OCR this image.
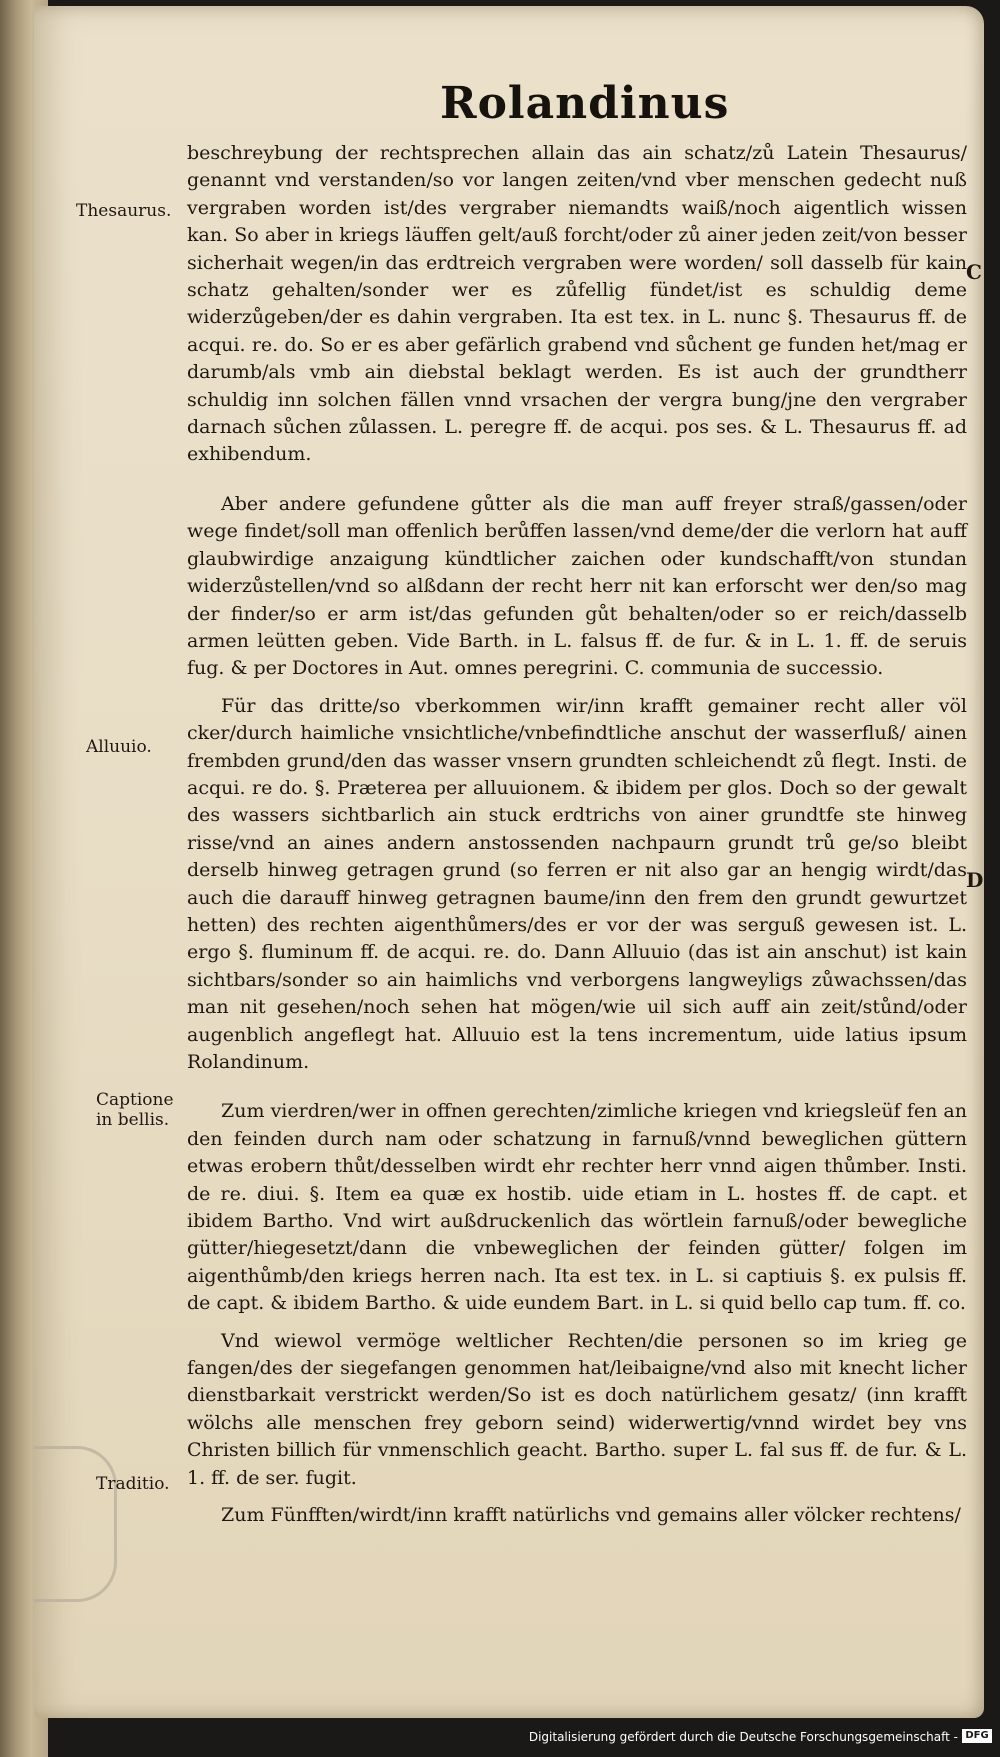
Rolandinus
Thesaurus.
Alluuio.
Captione in bellis.
Traditio.
C
D

beschreybung der rechtsprechen allain das ain schatz/zů Latein Thesaurus/ genannt vnd verstanden/so vor langen zeiten/vnd vber menschen gedecht nuß vergraben worden ist/des vergraber niemandts waiß/noch aigentlich wissen kan. So aber in kriegs läuffen gelt/auß forcht/oder zů ainer jeden zeit/von besser sicherhait wegen/in das erdtreich vergraben were worden/ soll dasselb für kain schatz gehalten/sonder wer es zůfellig fündet/ist es schuldig deme widerzůgeben/der es dahin vergraben. Ita est tex. in L. nunc §. Thesaurus ff. de acqui. re. do. So er es aber gefärlich grabend vnd sůchent ge funden het/mag er darumb/als vmb ain diebstal beklagt werden. Es ist auch der grundtherr schuldig inn solchen fällen vnnd vrsachen der vergra bung/jne den vergraber darnach sůchen zůlassen. L. peregre ff. de acqui. pos ses. & L. Thesaurus ff. ad exhibendum.

Aber andere gefundene gůtter als die man auff freyer straß/gassen/oder wege findet/soll man offenlich berůffen lassen/vnd deme/der die verlorn hat auff glaubwirdige anzaigung kündtlicher zaichen oder kundschafft/von stundan widerzůstellen/vnd so alßdann der recht herr nit kan erforscht wer den/so mag der finder/so er arm ist/das gefunden gůt behalten/oder so er reich/dasselb armen leütten geben. Vide Barth. in L. falsus ff. de fur. & in L. 1. ff. de seruis fug. & per Doctores in Aut. omnes peregrini. C. communia de successio.

Für das dritte/so vberkommen wir/inn krafft gemainer recht aller völ cker/durch haimliche vnsichtliche/vnbefindtliche anschut der wasserfluß/ ainen frembden grund/den das wasser vnsern grundten schleichendt zů flegt. Insti. de acqui. re do. §. Præterea per alluuionem. & ibidem per glos. Doch so der gewalt des wassers sichtbarlich ain stuck erdtrichs von ainer grundtfe ste hinweg risse/vnd an aines andern anstossenden nachpaurn grundt trů ge/so bleibt derselb hinweg getragen grund (so ferren er nit also gar an hengig wirdt/das auch die darauff hinweg getragnen baume/inn den frem den grundt gewurtzet hetten) des rechten aigenthůmers/des er vor der was serguß gewesen ist. L. ergo §. fluminum ff. de acqui. re. do. Dann Alluuio (das ist ain anschut) ist kain sichtbars/sonder so ain haimlichs vnd verborgens langweyligs zůwachssen/das man nit gesehen/noch sehen hat mögen/wie uil sich auff ain zeit/stůnd/oder augenblich angeflegt hat. Alluuio est la tens incrementum, uide latius ipsum Rolandinum.

Zum vierdren/wer in offnen gerechten/zimliche kriegen vnd kriegsleüf fen an den feinden durch nam oder schatzung in farnuß/vnnd beweglichen güttern etwas erobern thůt/desselben wirdt ehr rechter herr vnnd aigen thůmber. Insti. de re. diui. §. Item ea quæ ex hostib. uide etiam in L. hostes ff. de capt. et ibidem Bartho. Vnd wirt außdruckenlich das wörtlein farnuß/oder bewegliche gütter/hiegesetzt/dann die vnbeweglichen der feinden gütter/ folgen im aigenthůmb/den kriegs herren nach. Ita est tex. in L. si captiuis §. ex pulsis ff. de capt. & ibidem Bartho. & uide eundem Bart. in L. si quid bello cap tum. ff. co.

Vnd wiewol vermöge weltlicher Rechten/die personen so im krieg ge fangen/des der siegefangen genommen hat/leibaigne/vnd also mit knecht licher dienstbarkait verstrickt werden/So ist es doch natürlichem gesatz/ (inn krafft wölchs alle menschen frey geborn seind) widerwertig/vnnd wirdet bey vns Christen billich für vnmenschlich geacht. Bartho. super L. fal sus ff. de fur. & L. 1. ff. de ser. fugit.

Zum Fünfften/wirdt/inn krafft natürlichs vnd gemains aller völcker rechtens/

Digitalisierung gefördert durch die Deutsche Forschungsgemeinschaft - DFG
